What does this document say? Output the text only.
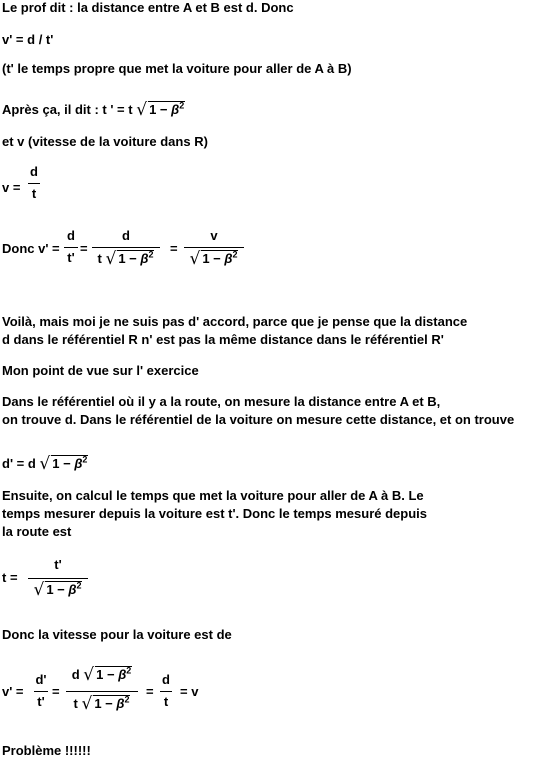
Le prof dit : la distance entre A et B est d. Donc
v' = d / t'
(t' le temps propre que met la voiture pour aller de A à B)
Après ça, il dit : t ' = t √ $1 - \beta^2$
et v (vitesse de la voiture dans R)
v =
d
t
Donc v' =
d
t'
=
d
t √ $1 - \beta^2$	=
v
√ $1 - \beta^2$
Voilà, mais moi je ne suis pas d' accord, parce que je pense que la distance
d dans le référentiel R n' est pas la même distance dans le référentiel R'
Mon point de vue sur l' exercice
Dans le référentiel où il y a la route, on mesure la distance entre A et B,
on trouve d. Dans le référentiel de la voiture on mesure cette distance, et on trouve
d' = d √ $1 - \beta^2$
Ensuite, on calcul le temps que met la voiture pour aller de A à B. Le
temps mesurer depuis la voiture est t'. Donc le temps mesuré depuis
la route est
t =
t'
√ $1 - \beta^2$
Donc la vitesse pour la voiture est de
v' =
d'
t'
=
d √ $1 - \beta^2$
t √ $1 - \beta^2$
=
d
t
= v
Problème !!!!!!
